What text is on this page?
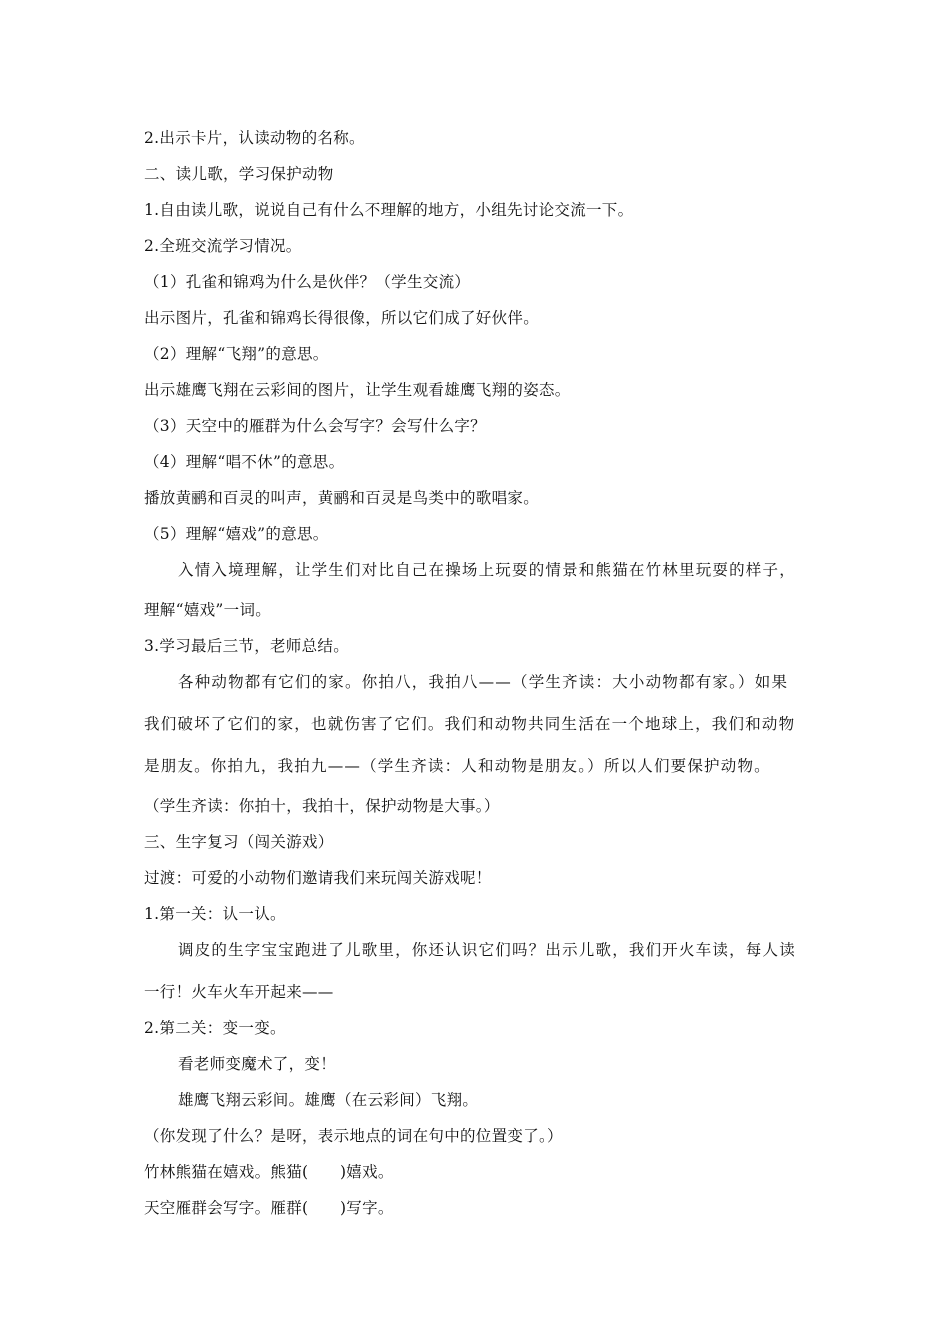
2.出示卡片，认读动物的名称。
二、读儿歌，学习保护动物
1.自由读儿歌，说说自己有什么不理解的地方，小组先讨论交流一下。
2.全班交流学习情况。
（1）孔雀和锦鸡为什么是伙伴？（学生交流）
出示图片，孔雀和锦鸡长得很像，所以它们成了好伙伴。
（2）理解“飞翔”的意思。
出示雄鹰飞翔在云彩间的图片，让学生观看雄鹰飞翔的姿态。
（3）天空中的雁群为什么会写字？会写什么字？
（4）理解“唱不休”的意思。
播放黄鹂和百灵的叫声，黄鹂和百灵是鸟类中的歌唱家。
（5）理解“嬉戏”的意思。
入情入境理解，让学生们对比自己在操场上玩耍的情景和熊猫在竹林里玩耍的样子，
理解“嬉戏”一词。
3.学习最后三节，老师总结。
各种动物都有它们的家。你拍八，我拍八——（学生齐读：大小动物都有家。）如果
我们破坏了它们的家，也就伤害了它们。我们和动物共同生活在一个地球上，我们和动物
是朋友。你拍九，我拍九——（学生齐读：人和动物是朋友。）所以人们要保护动物。
（学生齐读：你拍十，我拍十，保护动物是大事。）
三、生字复习（闯关游戏）
过渡：可爱的小动物们邀请我们来玩闯关游戏呢！
1.第一关：认一认。
调皮的生字宝宝跑进了儿歌里，你还认识它们吗？出示儿歌，我们开火车读，每人读
一行！火车火车开起来——
2.第二关：变一变。
看老师变魔术了，变！
雄鹰飞翔云彩间。雄鹰（在云彩间）飞翔。
（你发现了什么？是呀，表示地点的词在句中的位置变了。）
竹林熊猫在嬉戏。熊猫(　　)嬉戏。
天空雁群会写字。雁群(　　)写字。
